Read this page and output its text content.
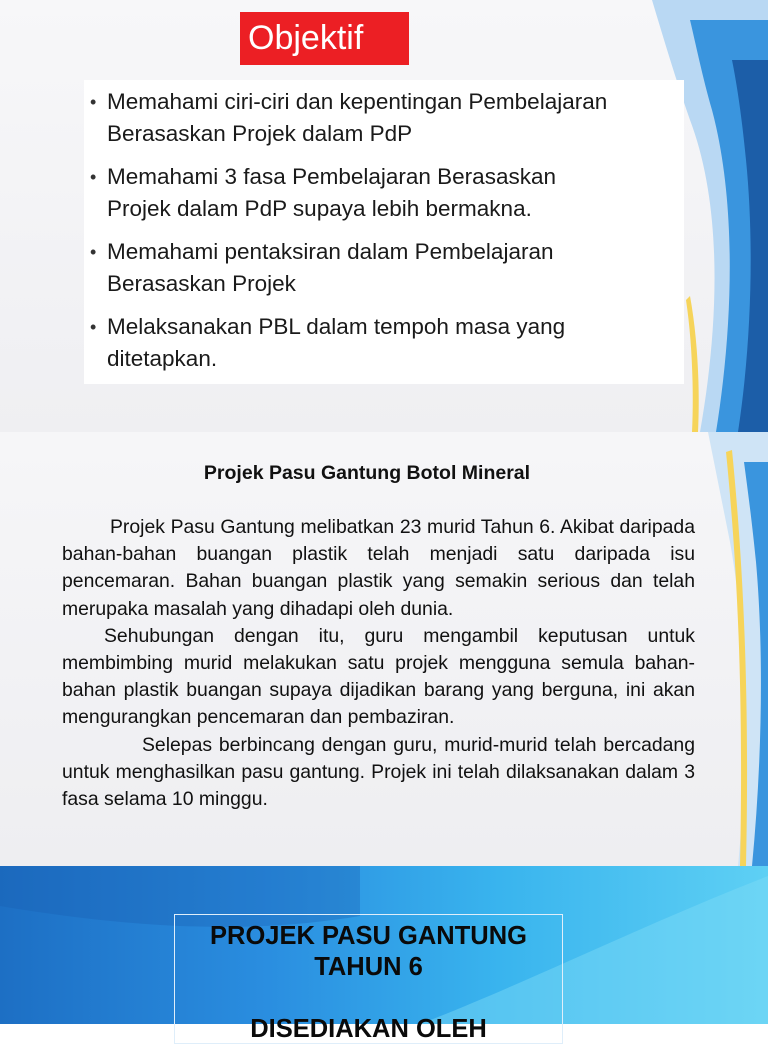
Objektif
• Memahami ciri-ciri dan kepentingan Pembelajaran
Berasaskan Projek dalam PdP
• Memahami 3 fasa Pembelajaran Berasaskan
Projek dalam PdP supaya lebih bermakna.
• Memahami pentaksiran dalam Pembelajaran
Berasaskan Projek
• Melaksanakan PBL dalam tempoh masa yang
ditetapkan.
Projek Pasu Gantung Botol Mineral

Projek Pasu Gantung melibatkan 23 murid Tahun 6. Akibat daripada bahan-bahan buangan plastik telah menjadi satu daripada isu pencemaran. Bahan buangan plastik yang semakin serious dan telah merupaka masalah yang dihadapi oleh dunia.

Sehubungan dengan itu, guru mengambil keputusan untuk membimbing murid melakukan satu projek mengguna semula bahan-bahan plastik buangan supaya dijadikan barang yang berguna, ini akan mengurangkan pencemaran dan pembaziran.

Selepas berbincang dengan guru, murid-murid telah bercadang untuk menghasilkan pasu gantung. Projek ini telah dilaksanakan dalam 3 fasa selama 10 minggu.

PROJEK PASU GANTUNG
TAHUN 6
DISEDIAKAN OLEH
